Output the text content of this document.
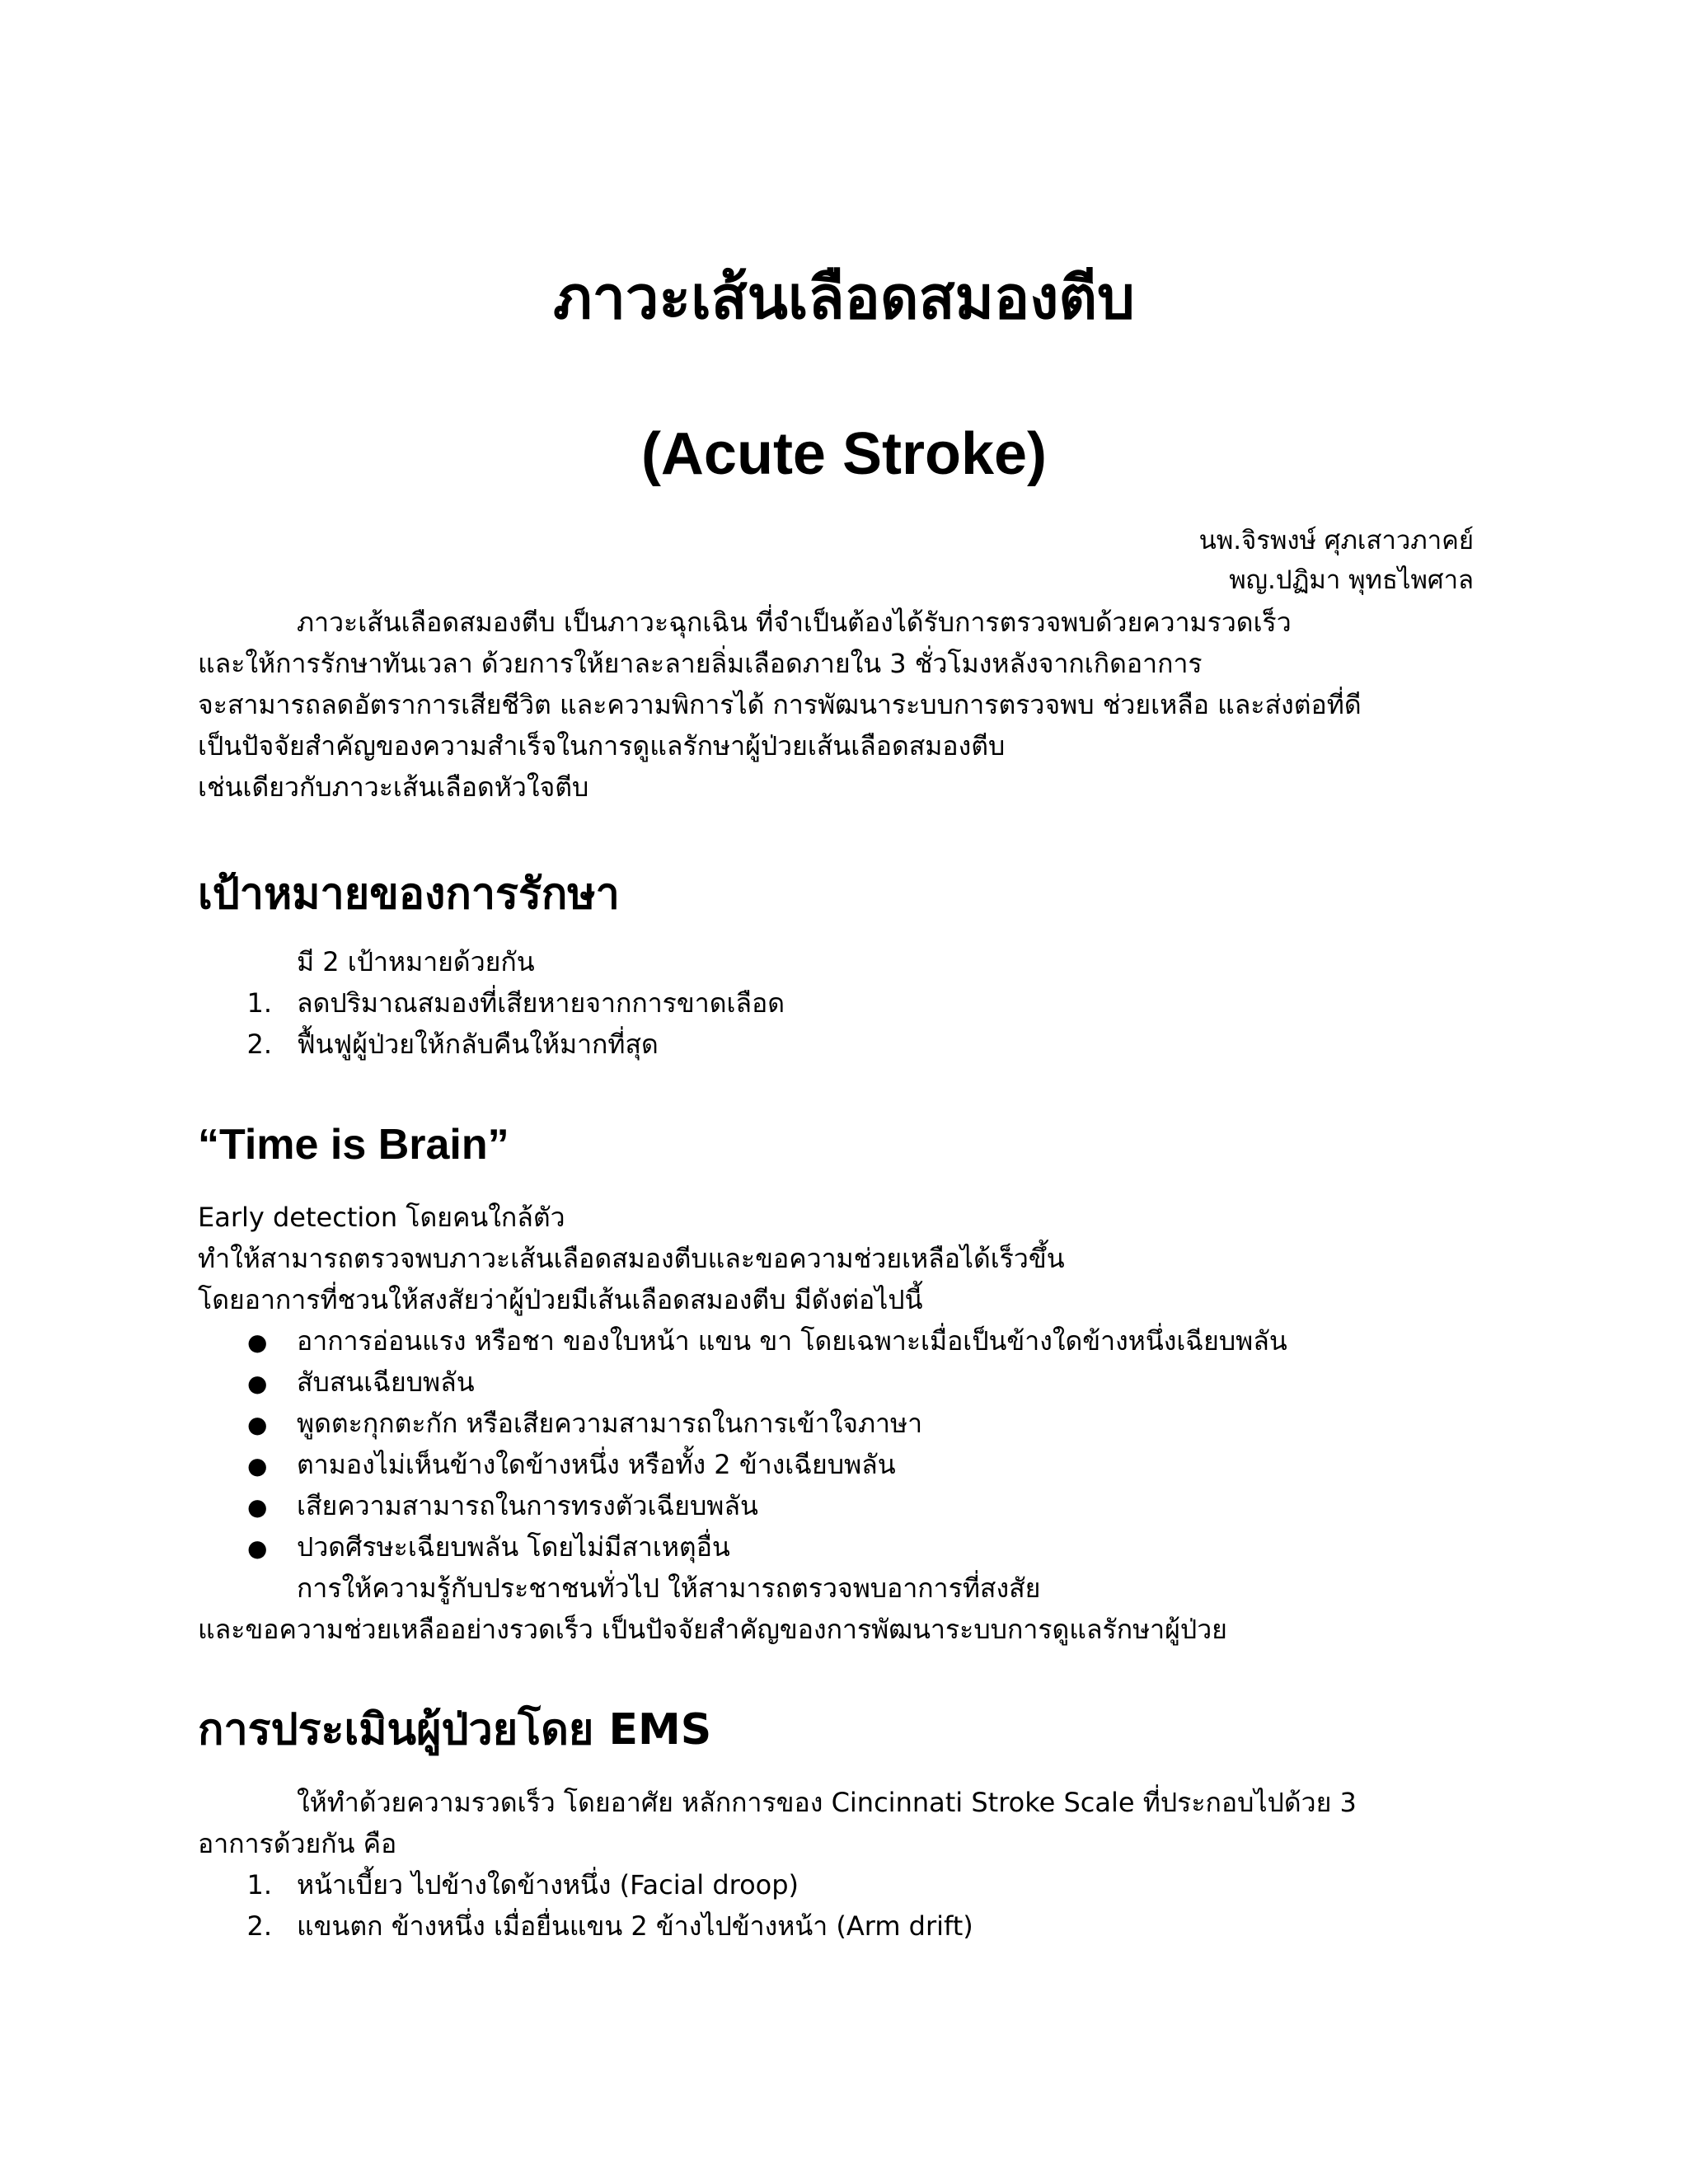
ภาวะเส้นเลือดสมองตีบ
(Acute Stroke)

นพ.จิรพงษ์ ศุภเสาวภาคย์

พญ.ปฏิมา พุทธไพศาล

ภาวะเส้นเลือดสมองตีบ เป็นภาวะฉุกเฉิน ที่จำเป็นต้องได้รับการตรวจพบด้วยความรวดเร็ว

และให้การรักษาทันเวลา ด้วยการให้ยาละลายลิ่มเลือดภายใน 3 ชั่วโมงหลังจากเกิดอาการ

จะสามารถลดอัตราการเสียชีวิต และความพิการได้ การพัฒนาระบบการตรวจพบ ช่วยเหลือ และส่งต่อที่ดี

เป็นปัจจัยสำคัญของความสำเร็จในการดูแลรักษาผู้ป่วยเส้นเลือดสมองตีบ

เช่นเดียวกับภาวะเส้นเลือดหัวใจตีบ

เป้าหมายของการรักษา

มี 2 เป้าหมายด้วยกัน

1. ลดปริมาณสมองที่เสียหายจากการขาดเลือด

2. ฟื้นฟูผู้ป่วยให้กลับคืนให้มากที่สุด

“Time is Brain”

Early detection โดยคนใกล้ตัว

ทำให้สามารถตรวจพบภาวะเส้นเลือดสมองตีบและขอความช่วยเหลือได้เร็วขึ้น

โดยอาการที่ชวนให้สงสัยว่าผู้ป่วยมีเส้นเลือดสมองตีบ มีดังต่อไปนี้

● อาการอ่อนแรง หรือชา ของใบหน้า แขน ขา โดยเฉพาะเมื่อเป็นข้างใดข้างหนึ่งเฉียบพลัน

● สับสนเฉียบพลัน

● พูดตะกุกตะกัก หรือเสียความสามารถในการเข้าใจภาษา

● ตามองไม่เห็นข้างใดข้างหนึ่ง หรือทั้ง 2 ข้างเฉียบพลัน

● เสียความสามารถในการทรงตัวเฉียบพลัน

● ปวดศีรษะเฉียบพลัน โดยไม่มีสาเหตุอื่น

การให้ความรู้กับประชาชนทั่วไป ให้สามารถตรวจพบอาการที่สงสัย

และขอความช่วยเหลืออย่างรวดเร็ว เป็นปัจจัยสำคัญของการพัฒนาระบบการดูแลรักษาผู้ป่วย

การประเมินผู้ป่วยโดย EMS

ให้ทำด้วยความรวดเร็ว โดยอาศัย หลักการของ Cincinnati Stroke Scale ที่ประกอบไปด้วย 3

อาการด้วยกัน คือ

1. หน้าเบี้ยว ไปข้างใดข้างหนึ่ง (Facial droop)

2. แขนตก ข้างหนึ่ง เมื่อยื่นแขน 2 ข้างไปข้างหน้า (Arm drift)
